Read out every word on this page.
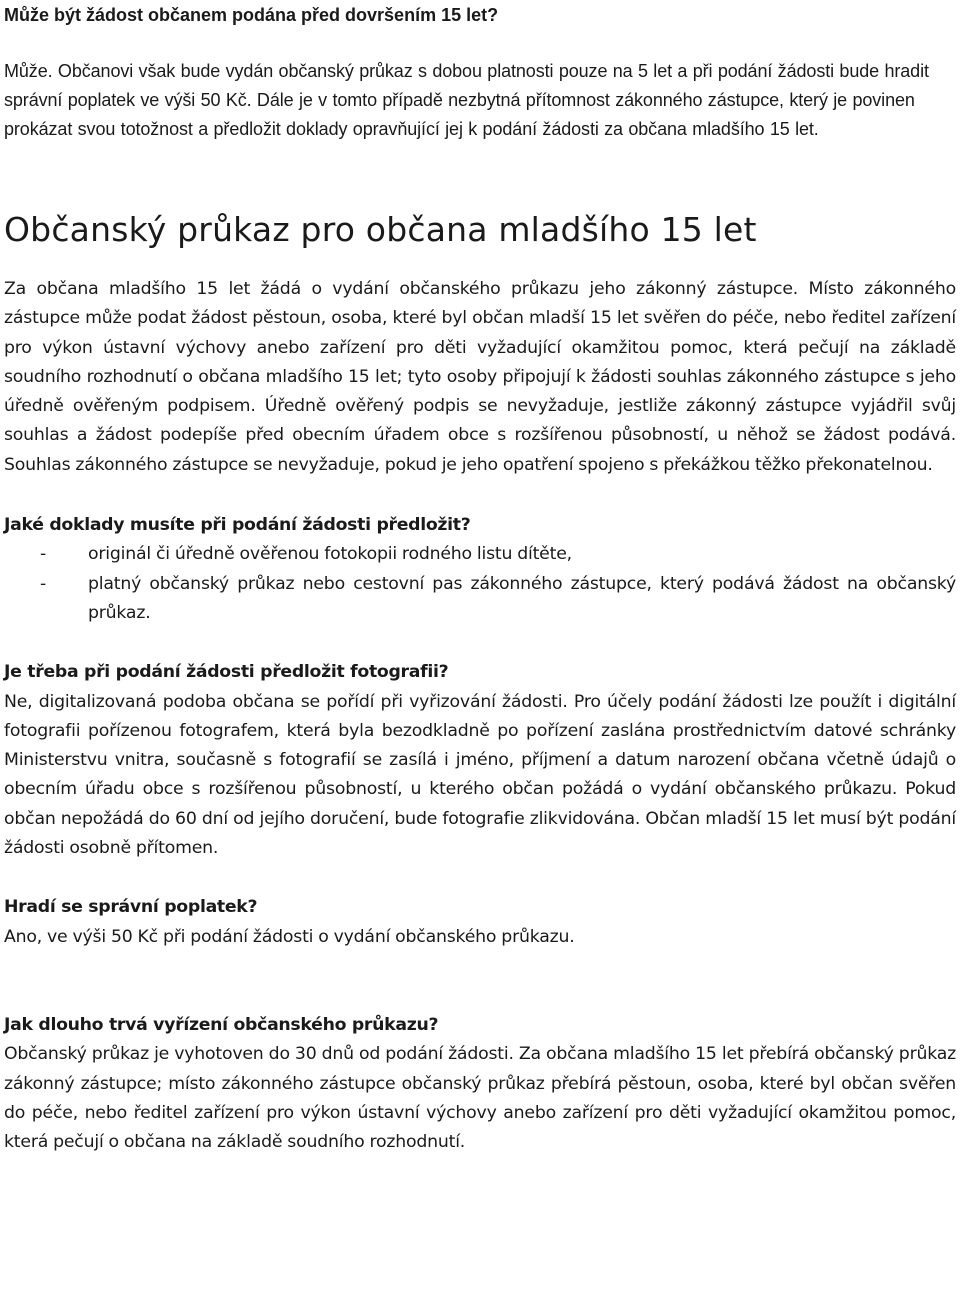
Může být žádost občanem podána před dovršením 15 let?

Může. Občanovi však bude vydán občanský průkaz s dobou platnosti pouze na 5 let a při podání žádosti bude hradit správní poplatek ve výši 50 Kč. Dále je v tomto případě nezbytná přítomnost zákonného zástupce, který je povinen prokázat svou totožnost a předložit doklady opravňující jej k podání žádosti za občana mladšího 15 let.

Občanský průkaz pro občana mladšího 15 let

Za občana mladšího 15 let žádá o vydání občanského průkazu jeho zákonný zástupce. Místo zákonného zástupce může podat žádost pěstoun, osoba, které byl občan mladší 15 let svěřen do péče, nebo ředitel zařízení pro výkon ústavní výchovy anebo zařízení pro děti vyžadující okamžitou pomoc, která pečují na základě soudního rozhodnutí o občana mladšího 15 let; tyto osoby připojují k žádosti souhlas zákonného zástupce s jeho úředně ověřeným podpisem. Úředně ověřený podpis se nevyžaduje, jestliže zákonný zástupce vyjádřil svůj souhlas a žádost podepíše před obecním úřadem obce s rozšířenou působností, u něhož se žádost podává. Souhlas zákonného zástupce se nevyžaduje, pokud je jeho opatření spojeno s překážkou těžko překonatelnou.

Jaké doklady musíte při podání žádosti předložit?
- originál či úředně ověřenou fotokopii rodného listu dítěte,
- platný občanský průkaz nebo cestovní pas zákonného zástupce, který podává žádost na občanský průkaz.
Je třeba při podání žádosti předložit fotografii?

Ne, digitalizovaná podoba občana se pořídí při vyřizování žádosti. Pro účely podání žádosti lze použít i digitální fotografii pořízenou fotografem, která byla bezodkladně po pořízení zaslána prostřednictvím datové schránky Ministerstvu vnitra, současně s fotografií se zasílá i jméno, příjmení a datum narození občana včetně údajů o obecním úřadu obce s rozšířenou působností, u kterého občan požádá o vydání občanského průkazu. Pokud občan nepožádá do 60 dní od jejího doručení, bude fotografie zlikvidována. Občan mladší 15 let musí být podání žádosti osobně přítomen.

Hradí se správní poplatek?

Ano, ve výši 50 Kč při podání žádosti o vydání občanského průkazu.

Jak dlouho trvá vyřízení občanského průkazu?

Občanský průkaz je vyhotoven do 30 dnů od podání žádosti. Za občana mladšího 15 let přebírá občanský průkaz zákonný zástupce; místo zákonného zástupce občanský průkaz přebírá pěstoun, osoba, které byl občan svěřen do péče, nebo ředitel zařízení pro výkon ústavní výchovy anebo zařízení pro děti vyžadující okamžitou pomoc, která pečují o občana na základě soudního rozhodnutí.
